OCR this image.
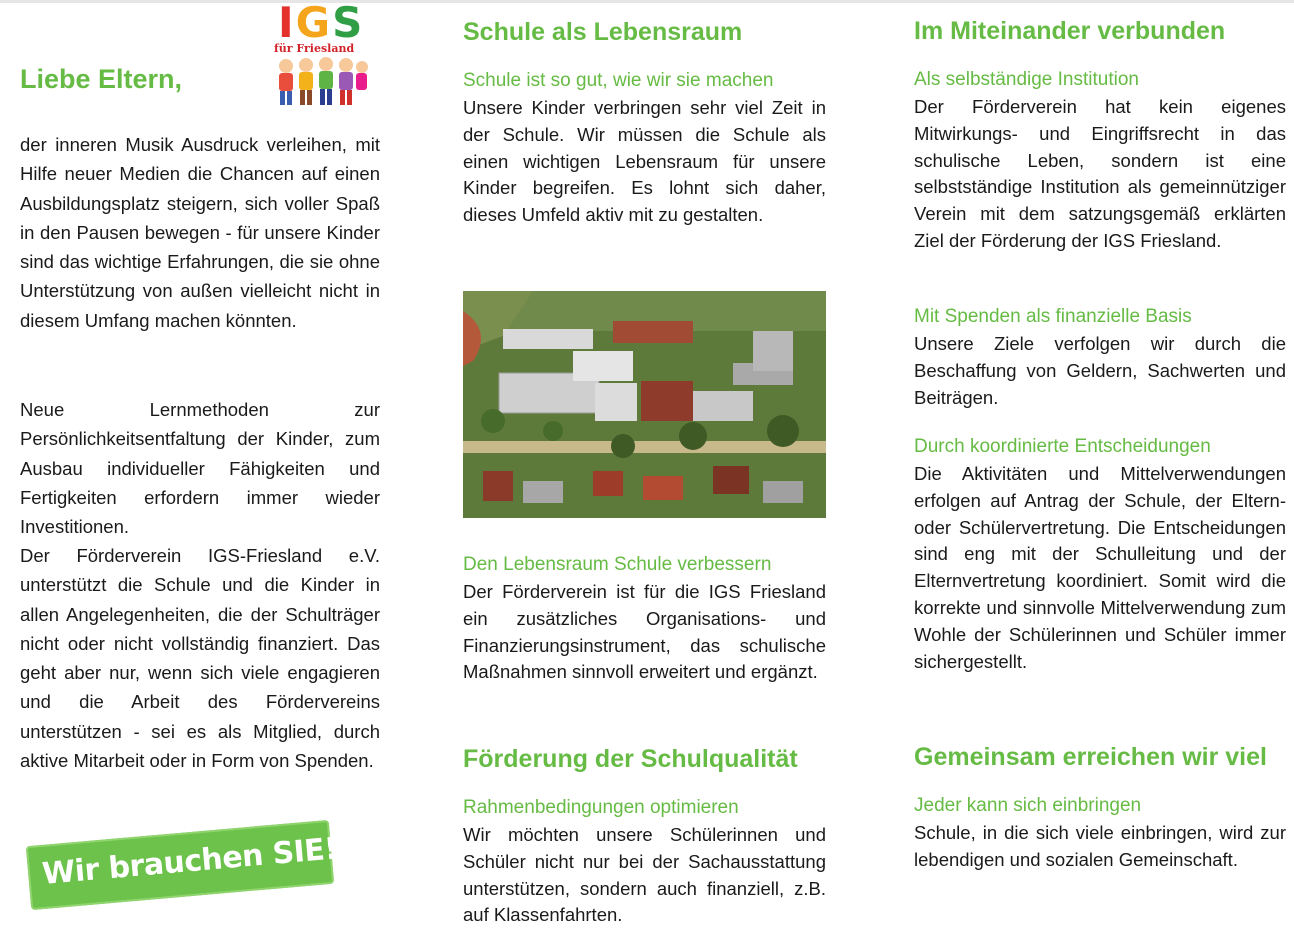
Liebe Eltern,
der inneren Musik Ausdruck verleihen, mit Hilfe neuer Medien die Chancen auf einen Ausbildungsplatz steigern, sich voller Spaß in den Pausen bewegen - für unsere Kinder sind das wichtige Erfahrungen, die sie ohne Unterstützung von außen vielleicht nicht in diesem Umfang machen könnten.
Neue Lernmethoden zur Persönlichkeitsentfaltung der Kinder, zum Ausbau individueller Fähigkeiten und Fertigkeiten erfordern immer wieder Investitionen.
Der Förderverein IGS-Friesland e.V. unterstützt die Schule und die Kinder in allen Angelegenheiten, die der Schulträger nicht oder nicht vollständig finanziert. Das geht aber nur, wenn sich viele engagieren und die Arbeit des Fördervereins unterstützen - sei es als Mitglied, durch aktive Mitarbeit oder in Form von Spenden.
IGS
für Friesland
Wir brauchen SIE!
Schule als Lebensraum
Schule ist so gut, wie wir sie machen
Unsere Kinder verbringen sehr viel Zeit in der Schule. Wir müssen die Schule als einen wichtigen Lebensraum für unsere Kinder begreifen. Es lohnt sich daher, dieses Umfeld aktiv mit zu gestalten.
Den Lebensraum Schule verbessern
Der Förderverein ist für die IGS Friesland ein zusätzliches Organisations- und Finanzierungsinstrument, das schulische Maßnahmen sinnvoll erweitert und ergänzt.
Förderung der Schulqualität
Rahmenbedingungen optimieren
Wir möchten unsere Schülerinnen und Schüler nicht nur bei der Sachausstattung unterstützen, sondern auch finanziell, z.B. auf Klassenfahrten.
Im Miteinander verbunden
Als selbständige Institution
Der Förderverein hat kein eigenes Mitwirkungs- und Eingriffsrecht in das schulische Leben, sondern ist eine selbstständige Institution als gemeinnütziger Verein mit dem satzungsgemäß erklärten Ziel der Förderung der IGS Friesland.
Mit Spenden als finanzielle Basis
Unsere Ziele verfolgen wir durch die Beschaffung von Geldern, Sachwerten und Beiträgen.
Durch koordinierte Entscheidungen
Die Aktivitäten und Mittelverwendungen erfolgen auf Antrag der Schule, der Eltern- oder Schülervertretung. Die Entscheidungen sind eng mit der Schulleitung und der Elternvertretung koordiniert. Somit wird die korrekte und sinnvolle Mittelverwendung zum Wohle der Schülerinnen und Schüler immer sichergestellt.
Gemeinsam erreichen wir viel
Jeder kann sich einbringen
Schule, in die sich viele einbringen, wird zur lebendigen und sozialen Gemeinschaft.
